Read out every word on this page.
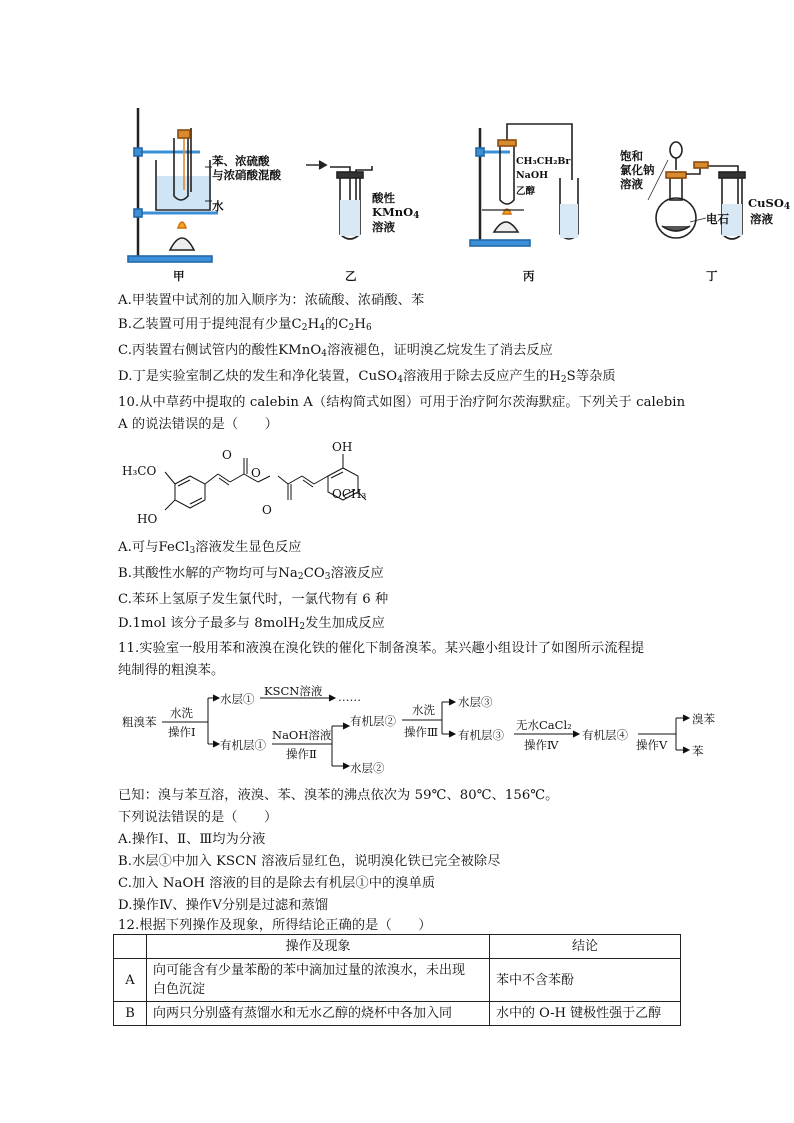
苯、浓硫酸
与浓硝酸混酸
水
酸性
KMnO$_4$
溶液
CH₃CH₂Br
NaOH
乙醇
饱和
氯化钠
溶液
电石
CuSO$_4$
溶液
甲	乙	丙	丁
A.甲装置中试剂的加入顺序为：浓硫酸、浓硝酸、苯
B.乙装置可用于提纯混有少量$C_2H_4$的$C_2H_6$
C.丙装置右侧试管内的酸性KMnO$_4$溶液褪色，证明溴乙烷发生了消去反应
D.丁是实验室制乙炔的发生和净化装置，CuSO$_4$溶液用于除去反应产生的$H_2S$等杂质
10.从中草药中提取的 calebin A（结构简式如图）可用于治疗阿尔茨海默症。下列关于 calebin
A 的说法错误的是（　　）
H₃CO
HO
O
O
O
OH
OCH₃
A.可与FeCl$_3$溶液发生显色反应
B.其酸性水解的产物均可与$Na_2CO_3$溶液反应
C.苯环上氢原子发生氯代时，一氯代物有 6 种
D.1mol 该分子最多与 8molH$_2$发生加成反应
11.实验室一般用苯和液溴在溴化铁的催化下制备溴苯。某兴趣小组设计了如图所示流程提
纯制得的粗溴苯。
粗溴苯
水洗
操作Ⅰ
水层①
KSCN溶液 ……
有机层①
NaOH溶液
操作Ⅱ
有机层②
水层②
水洗
操作Ⅲ
水层③
有机层③
无水CaCl₂
操作Ⅳ
有机层④
操作Ⅴ
溴苯
苯
已知：溴与苯互溶，液溴、苯、溴苯的沸点依次为 59℃、80℃、156℃。
下列说法错误的是（　　）
A.操作Ⅰ、Ⅱ、Ⅲ均为分液
B.水层①中加入 KSCN 溶液后显红色，说明溴化铁已完全被除尽
C.加入 NaOH 溶液的目的是除去有机层①中的溴单质
D.操作Ⅳ、操作Ⅴ分别是过滤和蒸馏
12.根据下列操作及现象，所得结论正确的是（　　）
	操作及现象	结论
A	向可能含有少量苯酚的苯中滴加过量的浓溴水，未出现
白色沉淀	苯中不含苯酚
B	向两只分别盛有蒸馏水和无水乙醇的烧杯中各加入同	水中的 O-H 键极性强于乙醇
